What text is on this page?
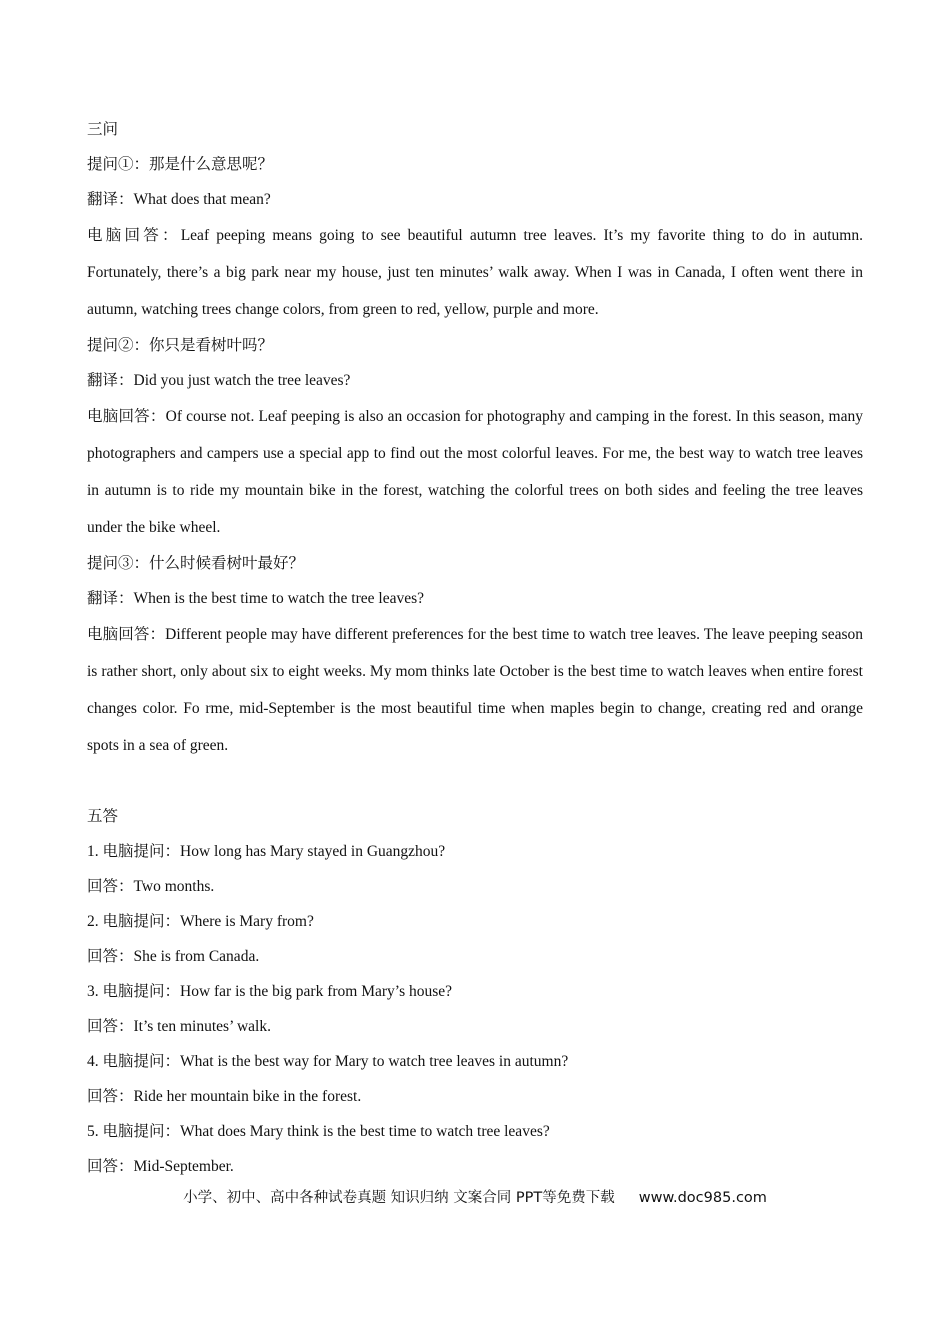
三问

提问①：那是什么意思呢？

翻译：What does that mean?

电脑回答：Leaf peeping means going to see beautiful autumn tree leaves. It’s my favorite thing to do in autumn. Fortunately, there’s a big park near my house, just ten minutes’ walk away. When I was in Canada, I often went there in autumn, watching trees change colors, from green to red, yellow, purple and more.

提问②：你只是看树叶吗？

翻译：Did you just watch the tree leaves?

电脑回答：Of course not. Leaf peeping is also an occasion for photography and camping in the forest. In this season, many photographers and campers use a special app to find out the most colorful leaves. For me, the best way to watch tree leaves in autumn is to ride my mountain bike in the forest, watching the colorful trees on both sides and feeling the tree leaves under the bike wheel.

提问③：什么时候看树叶最好？

翻译：When is the best time to watch the tree leaves?

电脑回答：Different people may have different preferences for the best time to watch tree leaves. The leave peeping season is rather short, only about six to eight weeks. My mom thinks late October is the best time to watch leaves when entire forest changes color. Fo rme, mid-September is the most beautiful time when maples begin to change, creating red and orange spots in a sea of green.

五答

1. 电脑提问：How long has Mary stayed in Guangzhou?

回答：Two months.

2. 电脑提问：Where is Mary from?

回答：She is from Canada.

3. 电脑提问：How far is the big park from Mary’s house?

回答：It’s ten minutes’ walk.

4. 电脑提问：What is the best way for Mary to watch tree leaves in autumn?

回答：Ride her mountain bike in the forest.

5. 电脑提问：What does Mary think is the best time to watch tree leaves?

回答：Mid-September.

小学、初中、高中各种试卷真题 知识归纳 文案合同 PPT等免费下载 www.doc985.com
